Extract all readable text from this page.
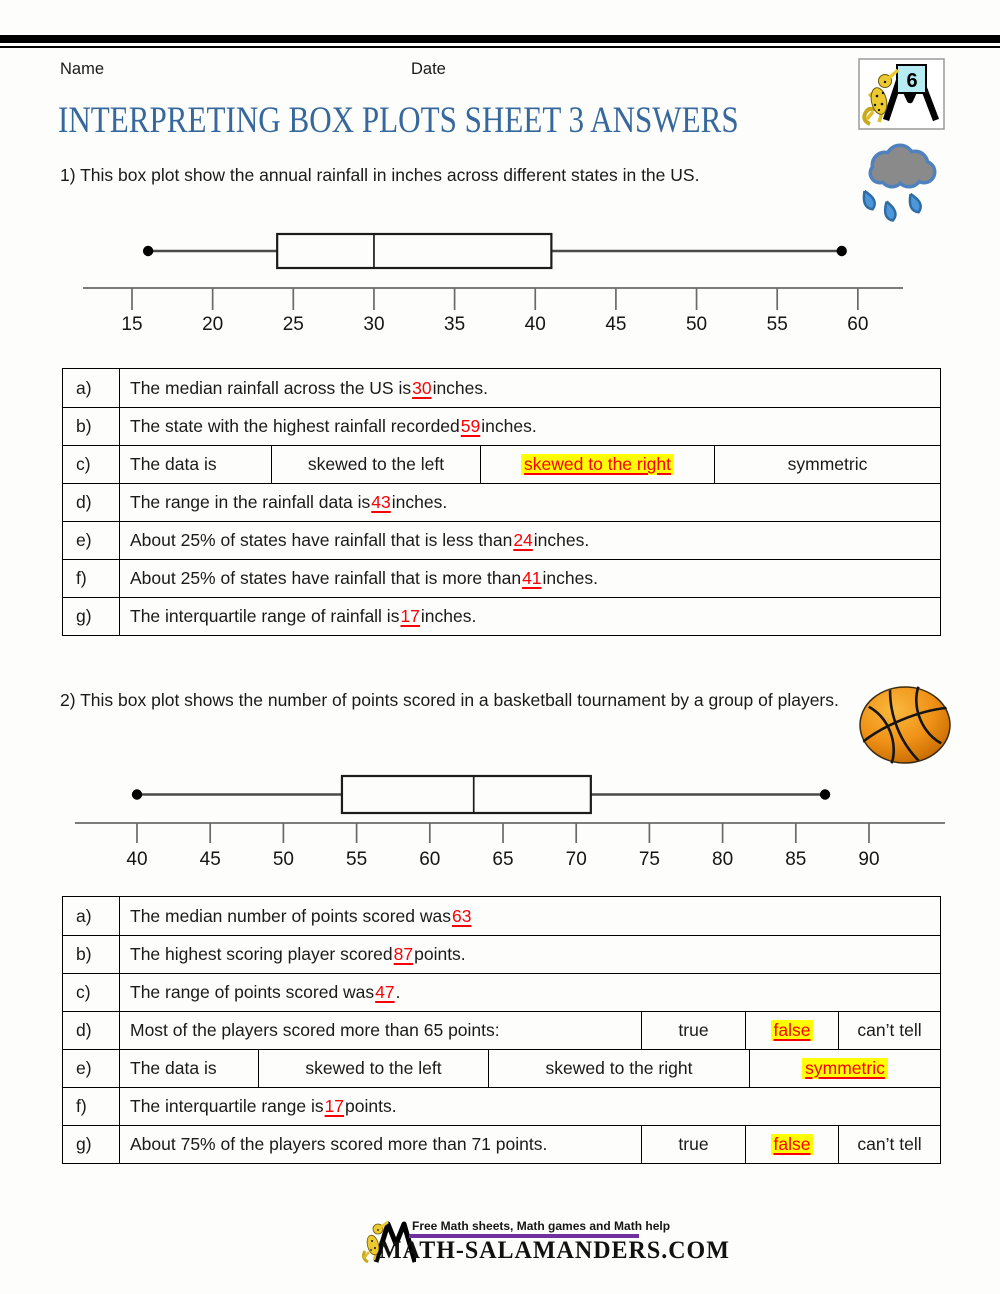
Name	Date
6
INTERPRETING BOX PLOTS SHEET 3 ANSWERS
1) This box plot show the annual rainfall in inches across different states in the US.
15	20	25	30	35	40	45	50	55	60
a) The median rainfall across the US is 30 inches.
b) The state with the highest rainfall recorded 59 inches.
c) The data is	skewed to the left	skewed to the right	symmetric
d) The range in the rainfall data is 43 inches.
e) About 25% of states have rainfall that is less than 24 inches.
f) About 25% of states have rainfall that is more than 41 inches.
g) The interquartile range of rainfall is 17 inches.
2) This box plot shows the number of points scored in a basketball tournament by a group of players.
40	45	50	55	60	65	70	75	80	85	90
a) The median number of points scored was 63
b) The highest scoring player scored 87 points.
c) The range of points scored was 47 .
d) Most of the players scored more than 65 points:	true	false	can’t tell
e) The data is	skewed to the left	skewed to the right	symmetric
f) The interquartile range is 17 points.
g) About 75% of the players scored more than 71 points.	true	false	can’t tell
Free Math sheets, Math games and Math help
MATH-SALAMANDERS.COM
